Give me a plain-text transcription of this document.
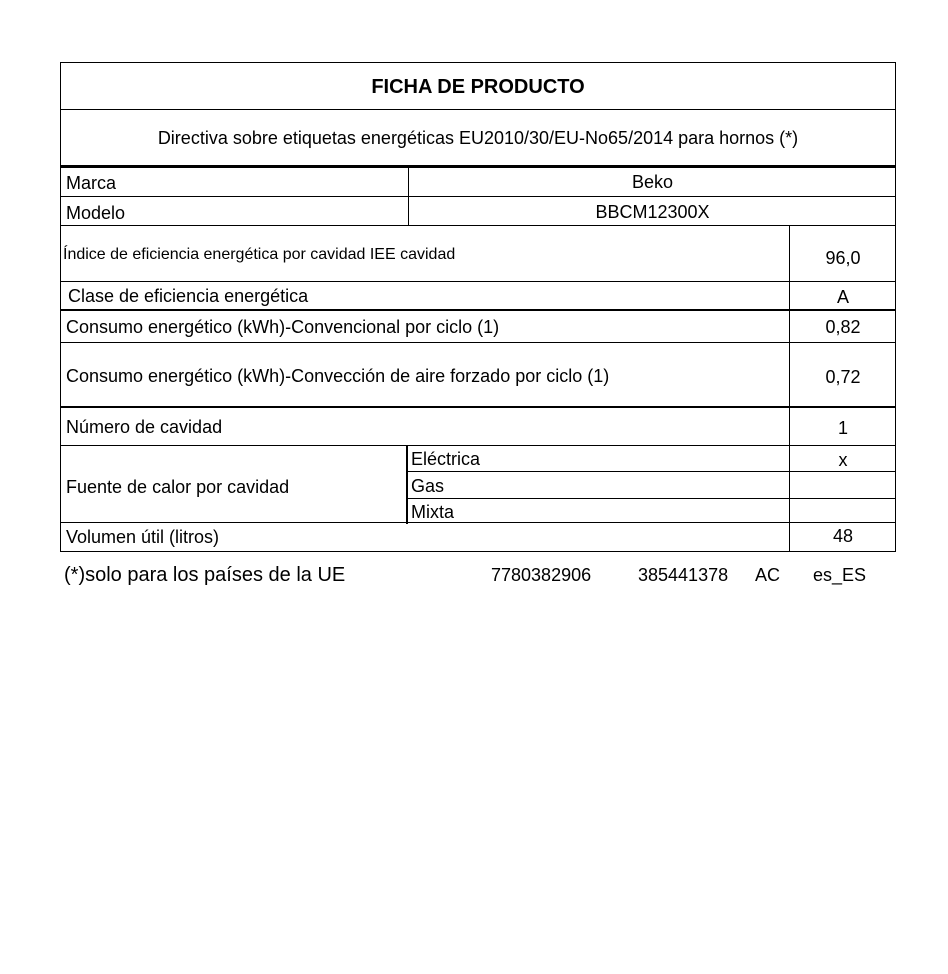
FICHA DE PRODUCTO
Directiva sobre etiquetas energéticas EU2010/30/EU-No65/2014 para hornos (*)
Marca	Beko
Modelo	BBCM12300X
Índice de eficiencia energética por cavidad IEE cavidad	96,0
Clase de eficiencia energética	A
Consumo energético (kWh)-Convencional por ciclo (1)	0,82
Consumo energético (kWh)-Convección de aire forzado por ciclo (1)	0,72
Número de cavidad	1
Fuente de calor por cavidad
Eléctrica	x
Gas
Mixta
Volumen útil (litros)	48
(*)solo para los países de la UE	7780382906	385441378 AC es_ES
